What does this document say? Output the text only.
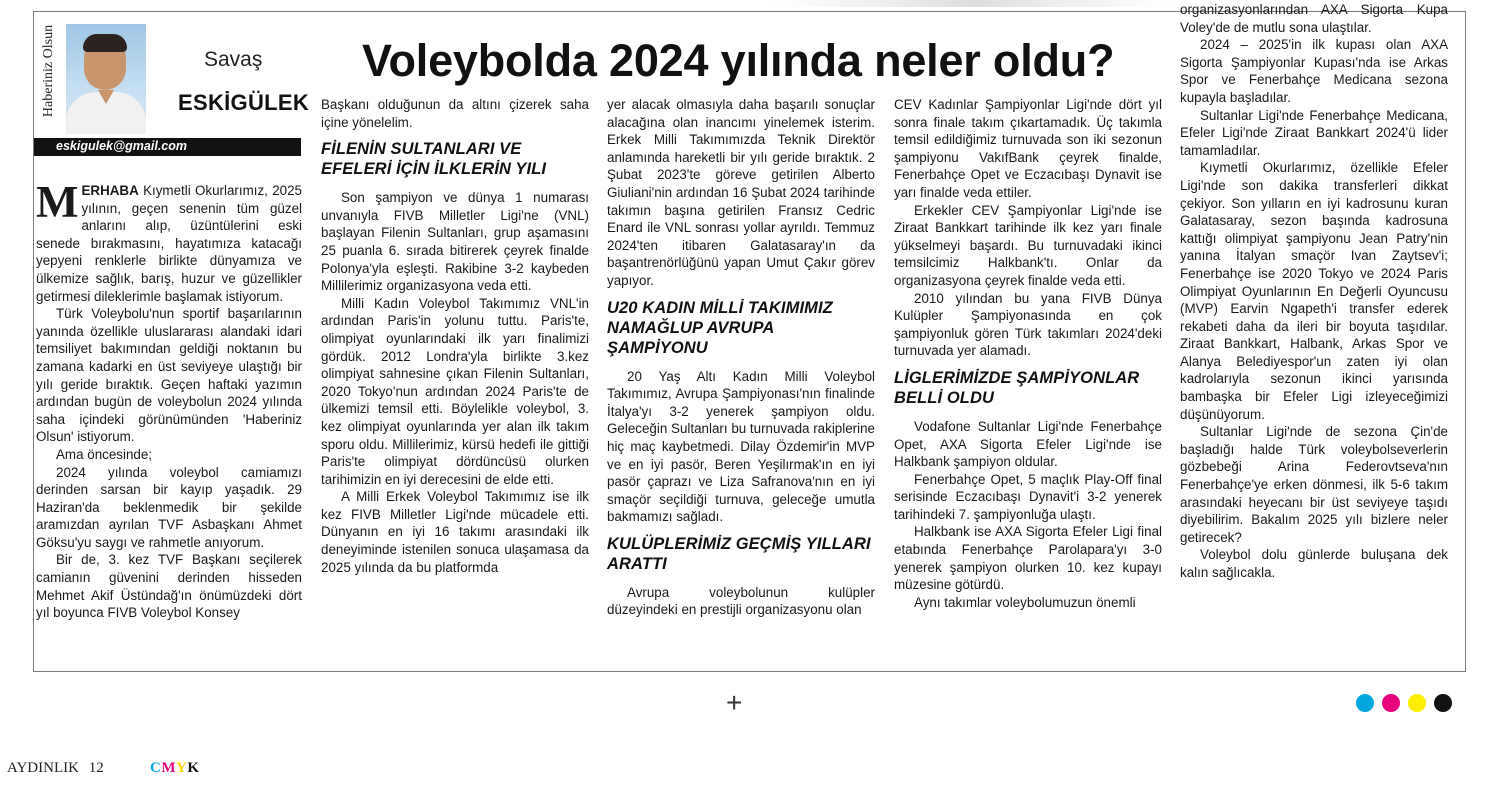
Haberiniz Olsun	Savaş
ESKİGÜLEK
eskigulek@gmail.com
Voleybolda 2024 yılında neler oldu?

MERHABA Kıymetli Okurlarımız, 2025 yılının, geçen senenin tüm güzel anlarını alıp, üzüntülerini eski senede bırakmasını, hayatımıza katacağı yepyeni renklerle birlikte dünyamıza ve ülkemize sağlık, barış, huzur ve güzellikler getirmesi dileklerimle başlamak istiyorum.

Türk Voleybolu'nun sportif başarılarının yanında özellikle uluslararası alandaki idari temsiliyet bakımından geldiği noktanın bu zamana kadarki en üst seviyeye ulaştığı bir yılı geride bıraktık. Geçen haftaki yazımın ardından bugün de voleybolun 2024 yılında saha içindeki görünümünden 'Haberiniz Olsun' istiyorum.

Ama öncesinde;

2024 yılında voleybol camiamızı derinden sarsan bir kayıp yaşadık. 29 Haziran'da beklenmedik bir şekilde aramızdan ayrılan TVF Asbaşkanı Ahmet Göksu'yu saygı ve rahmetle anıyorum.

Bir de, 3. kez TVF Başkanı seçilerek camianın güvenini derinden hisseden Mehmet Akif Üstündağ'ın önümüzdeki dört yıl boyunca FIVB Voleybol Konsey

Başkanı olduğunun da altını çizerek saha içine yönelelim.

FİLENİN SULTANLARI VE EFELERİ İÇİN İLKLERİN YILI

Son şampiyon ve dünya 1 numarası unvanıyla FIVB Milletler Ligi'ne (VNL) başlayan Filenin Sultanları, grup aşamasını 25 puanla 6. sırada bitirerek çeyrek finalde Polonya'yla eşleşti. Rakibine 3-2 kaybeden Millilerimiz organizasyona veda etti.

Milli Kadın Voleybol Takımımız VNL'in ardından Paris'in yolunu tuttu. Paris'te, olimpiyat oyunlarındaki ilk yarı finalimizi gördük. 2012 Londra'yla birlikte 3.kez olimpiyat sahnesine çıkan Filenin Sultanları, 2020 Tokyo'nun ardından 2024 Paris'te de ülkemizi temsil etti. Böylelikle voleybol, 3. kez olimpiyat oyunlarında yer alan ilk takım sporu oldu. Millilerimiz, kürsü hedefi ile gittiği Paris'te olimpiyat dördüncüsü olurken tarihimizin en iyi derecesini de elde etti.

A Milli Erkek Voleybol Takımımız ise ilk kez FIVB Milletler Ligi'nde mücadele etti. Dünyanın en iyi 16 takımı arasındaki ilk deneyiminde istenilen sonuca ulaşamasa da 2025 yılında da bu platformda

yer alacak olmasıyla daha başarılı sonuçlar alacağına olan inancımı yinelemek isterim. Erkek Milli Takımımızda Teknik Direktör anlamında hareketli bir yılı geride bıraktık. 2 Şubat 2023'te göreve getirilen Alberto Giuliani'nin ardından 16 Şubat 2024 tarihinde takımın başına getirilen Fransız Cedric Enard ile VNL sonrası yollar ayrıldı. Temmuz 2024'ten itibaren Galatasaray'ın da başantrenörlüğünü yapan Umut Çakır görev yapıyor.

U20 KADIN MİLLİ TAKIMIMIZ NAMAĞLUP AVRUPA ŞAMPİYONU

20 Yaş Altı Kadın Milli Voleybol Takımımız, Avrupa Şampiyonası'nın finalinde İtalya'yı 3-2 yenerek şampiyon oldu. Geleceğin Sultanları bu turnuvada rakiplerine hiç maç kaybetmedi. Dilay Özdemir'in MVP ve en iyi pasör, Beren Yeşilırmak'ın en iyi pasör çaprazı ve Liza Safranova'nın en iyi smaçör seçildiği turnuva, geleceğe umutla bakmamızı sağladı.

KULÜPLERİMİZ GEÇMİŞ YILLARI ARATTI

Avrupa voleybolunun kulüpler düzeyindeki en prestijli organizasyonu olan

CEV Kadınlar Şampiyonlar Ligi'nde dört yıl sonra finale takım çıkartamadık. Üç takımla temsil edildiğimiz turnuvada son iki sezonun şampiyonu VakıfBank çeyrek finalde, Fenerbahçe Opet ve Eczacıbaşı Dynavit ise yarı finalde veda ettiler.

Erkekler CEV Şampiyonlar Ligi'nde ise Ziraat Bankkart tarihinde ilk kez yarı finale yükselmeyi başardı. Bu turnuvadaki ikinci temsilcimiz Halkbank'tı. Onlar da organizasyona çeyrek finalde veda etti.

2010 yılından bu yana FIVB Dünya Kulüpler Şampiyonasında en çok şampiyonluk gören Türk takımları 2024'deki turnuvada yer alamadı.

LİGLERİMİZDE ŞAMPİYONLAR BELLİ OLDU

Vodafone Sultanlar Ligi'nde Fenerbahçe Opet, AXA Sigorta Efeler Ligi'nde ise Halkbank şampiyon oldular.

Fenerbahçe Opet, 5 maçlık Play-Off final serisinde Eczacıbaşı Dynavit'i 3-2 yenerek tarihindeki 7. şampiyonluğa ulaştı.

Halkbank ise AXA Sigorta Efeler Ligi final etabında Fenerbahçe Parolapara'yı 3-0 yenerek şampiyon olurken 10. kez kupayı müzesine götürdü.

Aynı takımlar voleybolumuzun önemli

organizasyonlarından AXA Sigorta Kupa Voley'de de mutlu sona ulaştılar.

2024 – 2025'in ilk kupası olan AXA Sigorta Şampiyonlar Kupası'nda ise Arkas Spor ve Fenerbahçe Medicana sezona kupayla başladılar.

Sultanlar Ligi'nde Fenerbahçe Medicana, Efeler Ligi'nde Ziraat Bankkart 2024'ü lider tamamladılar.

Kıymetli Okurlarımız, özellikle Efeler Ligi'nde son dakika transferleri dikkat çekiyor. Son yılların en iyi kadrosunu kuran Galatasaray, sezon başında kadrosuna kattığı olimpiyat şampiyonu Jean Patry'nin yanına İtalyan smaçör Ivan Zaytsev'i; Fenerbahçe ise 2020 Tokyo ve 2024 Paris Olimpiyat Oyunlarının En Değerli Oyuncusu (MVP) Earvin Ngapeth'i transfer ederek rekabeti daha da ileri bir boyuta taşıdılar. Ziraat Bankkart, Halbank, Arkas Spor ve Alanya Belediyespor'un zaten iyi olan kadrolarıyla sezonun ikinci yarısında bambaşka bir Efeler Ligi izleyeceğimizi düşünüyorum.

Sultanlar Ligi'nde de sezona Çin'de başladığı halde Türk voleybolseverlerin gözbebeği Arina Federovtseva'nın Fenerbahçe'ye erken dönmesi, ilk 5-6 takım arasındaki heyecanı bir üst seviyeye taşıdı diyebilirim. Bakalım 2025 yılı bizlere neler getirecek?

Voleybol dolu günlerde buluşana dek kalın sağlıcakla.

+
AYDINLIK 12	CMYK
